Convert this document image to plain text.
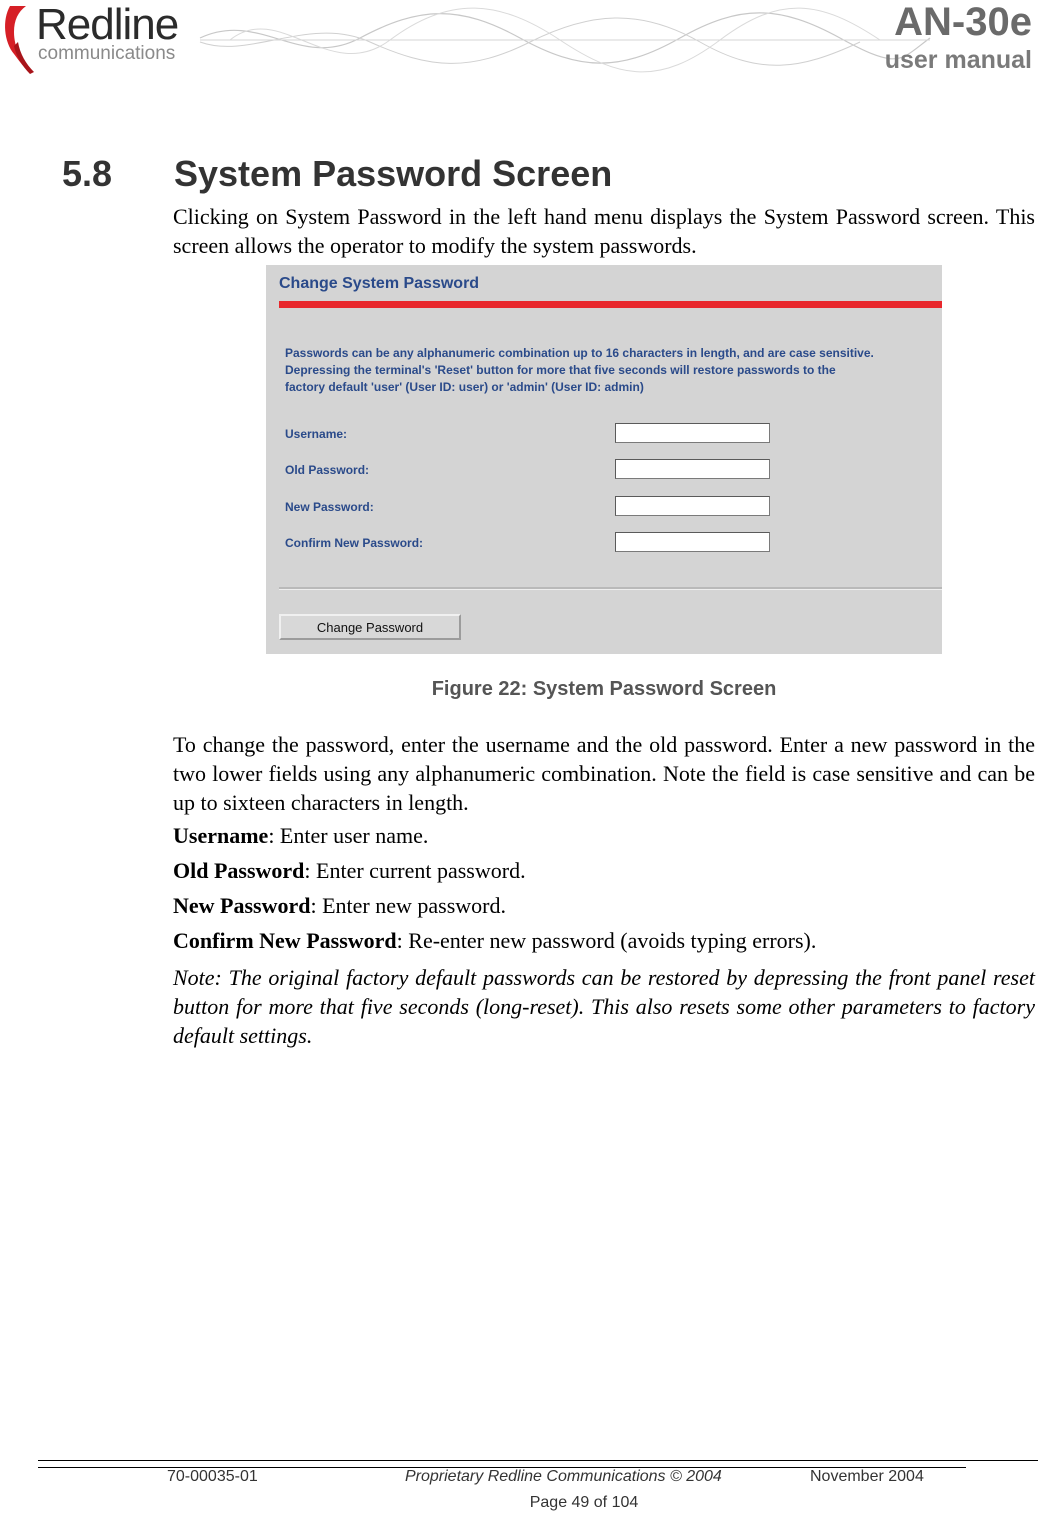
Redline
communications
AN-30e
user manual
5.8 System Password Screen
Clicking on System Password in the left hand menu displays the System Password screen. This screen allows the operator to modify the system passwords.
Change System Password
Passwords can be any alphanumeric combination up to 16 characters in length, and are case sensitive.
Depressing the terminal's 'Reset' button for more that five seconds will restore passwords to the
factory default 'user' (User ID: user) or 'admin' (User ID: admin)
Username:
Old Password:
New Password:
Confirm New Password:
Change Password
Figure 22: System Password Screen
To change the password, enter the username and the old password. Enter a new password in the two lower fields using any alphanumeric combination. Note the field is case sensitive and can be up to sixteen characters in length.
Username: Enter user name.
Old Password: Enter current password.
New Password: Enter new password.
Confirm New Password: Re-enter new password (avoids typing errors).
Note: The original factory default passwords can be restored by depressing the front panel reset button for more that five seconds (long-reset). This also resets some other parameters to factory default settings.
70-00035-01	Proprietary Redline Communications © 2004	November 2004
Page 49 of 104
